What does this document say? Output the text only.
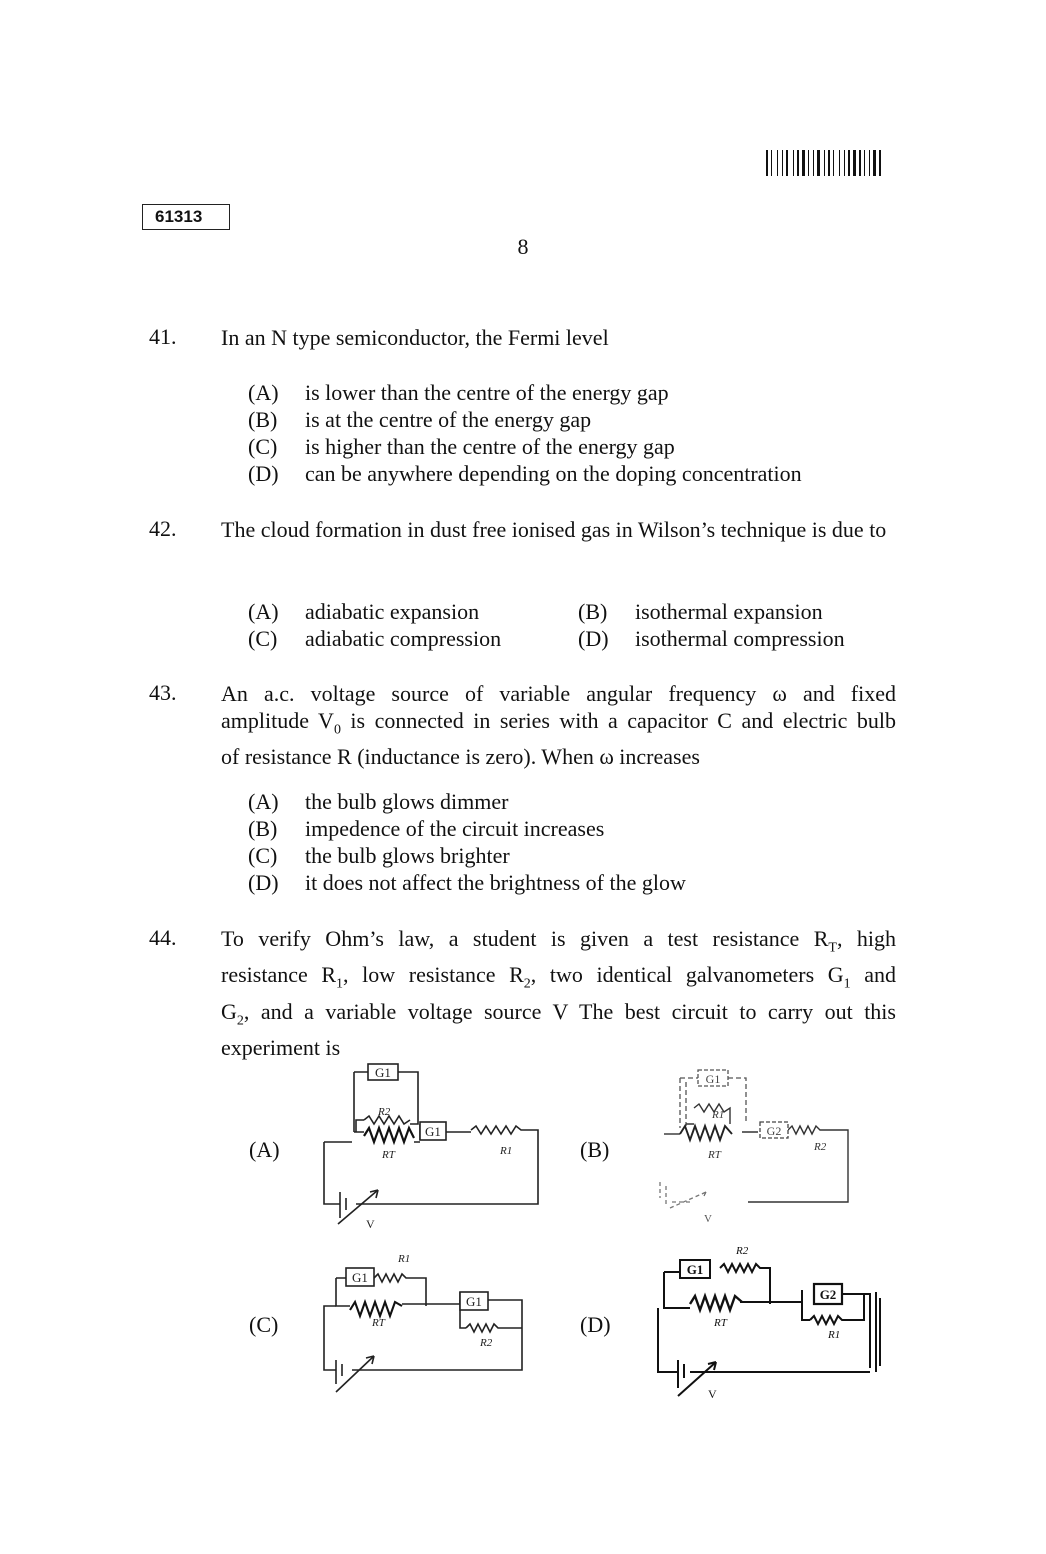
61313
8
41. In an N type semiconductor, the Fermi level
(A) is lower than the centre of the energy gap
(B) is at the centre of the energy gap
(C) is higher than the centre of the energy gap
(D) can be anywhere depending on the doping concentration
42. The cloud formation in dust free ionised gas in Wilson’s technique is due to
(A) adiabatic expansion	(B) isothermal expansion
(C) adiabatic compression	(D) isothermal compression
43. An a.c. voltage source of variable angular frequency ω and fixed
amplitude $V_0$ is connected in series with a capacitor C and electric bulb
of resistance R (inductance is zero). When ω increases
(A) the bulb glows dimmer
(B) impedence of the circuit increases
(C) the bulb glows brighter
(D) it does not affect the brightness of the glow
44. To verify Ohm’s law, a student is given a test resistance $R_T$, high
resistance $R_1$, low resistance $R_2$, two identical galvanometers $G_1$ and
$G_2$, and a variable voltage source V The best circuit to carry out this
experiment is
(A)	(B)
(C)	(D)
G1
G1
R2
RT	R1
V
G1
G2
R1
RT
R2
V
G1
G1
R1
RT
R2
G1
G2
R2
RT
R1
V
